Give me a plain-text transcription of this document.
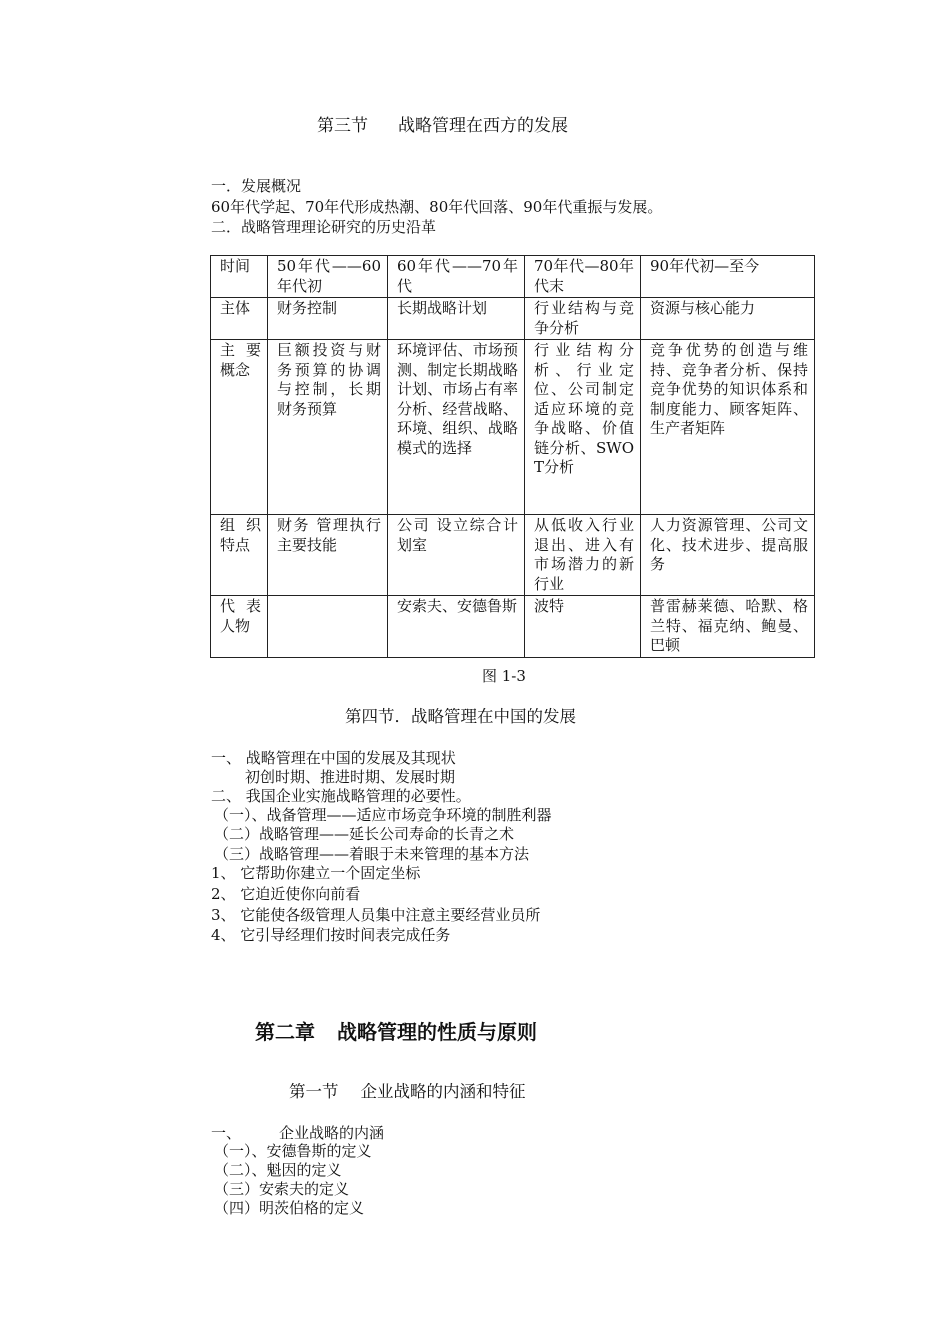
第三节 战略管理在西方的发展
一．发展概况
60年代学起、70年代形成热潮、80年代回落、90年代重振与发展。
二．战略管理理论研究的历史沿革
时间	50年代——60年代初	60年代——70年代	70年代—80年代末	90年代初—至今
主体	财务控制	长期战略计划	行业结构与竞争分析	资源与核心能力
主要概念	巨额投资与财务预算的协调与控制，长期财务预算	环境评估、市场预测、制定长期战略计划、市场占有率分析、经营战略、环境、组织、战略模式的选择	行业结构分析、行业定位、公司制定适应环境的竞争战略、价值链分析、SWOT分析	竞争优势的创造与维持、竞争者分析、保持竞争优势的知识体系和制度能力、顾客矩阵、生产者矩阵
组织特点	财务 管理执行主要技能	公司 设立综合计划室	从低收入行业退出、进入有市场潜力的新行业	人力资源管理、公司文化、技术进步、提高服务
代表人物		安索夫、安德鲁斯	波特	普雷赫莱德、哈默、格兰特、福克纳、鲍曼、巴顿
图 1-3
第四节．战略管理在中国的发展
一、 战略管理在中国的发展及其现状
初创时期、推进时期、发展时期
二、 我国企业实施战略管理的必要性。
（一）、战备管理——适应市场竞争环境的制胜利器
（二）战略管理——延长公司寿命的长青之术
（三）战略管理——着眼于未来管理的基本方法
1、 它帮助你建立一个固定坐标
2、 它迫近使你向前看
3、 它能使各级管理人员集中注意主要经营业员所
4、 它引导经理们按时间表完成任务
第二章 战略管理的性质与原则
第一节 企业战略的内涵和特征
一、	企业战略的内涵
（一）、安德鲁斯的定义
（二）、魁因的定义
（三）安索夫的定义
（四）明茨伯格的定义
